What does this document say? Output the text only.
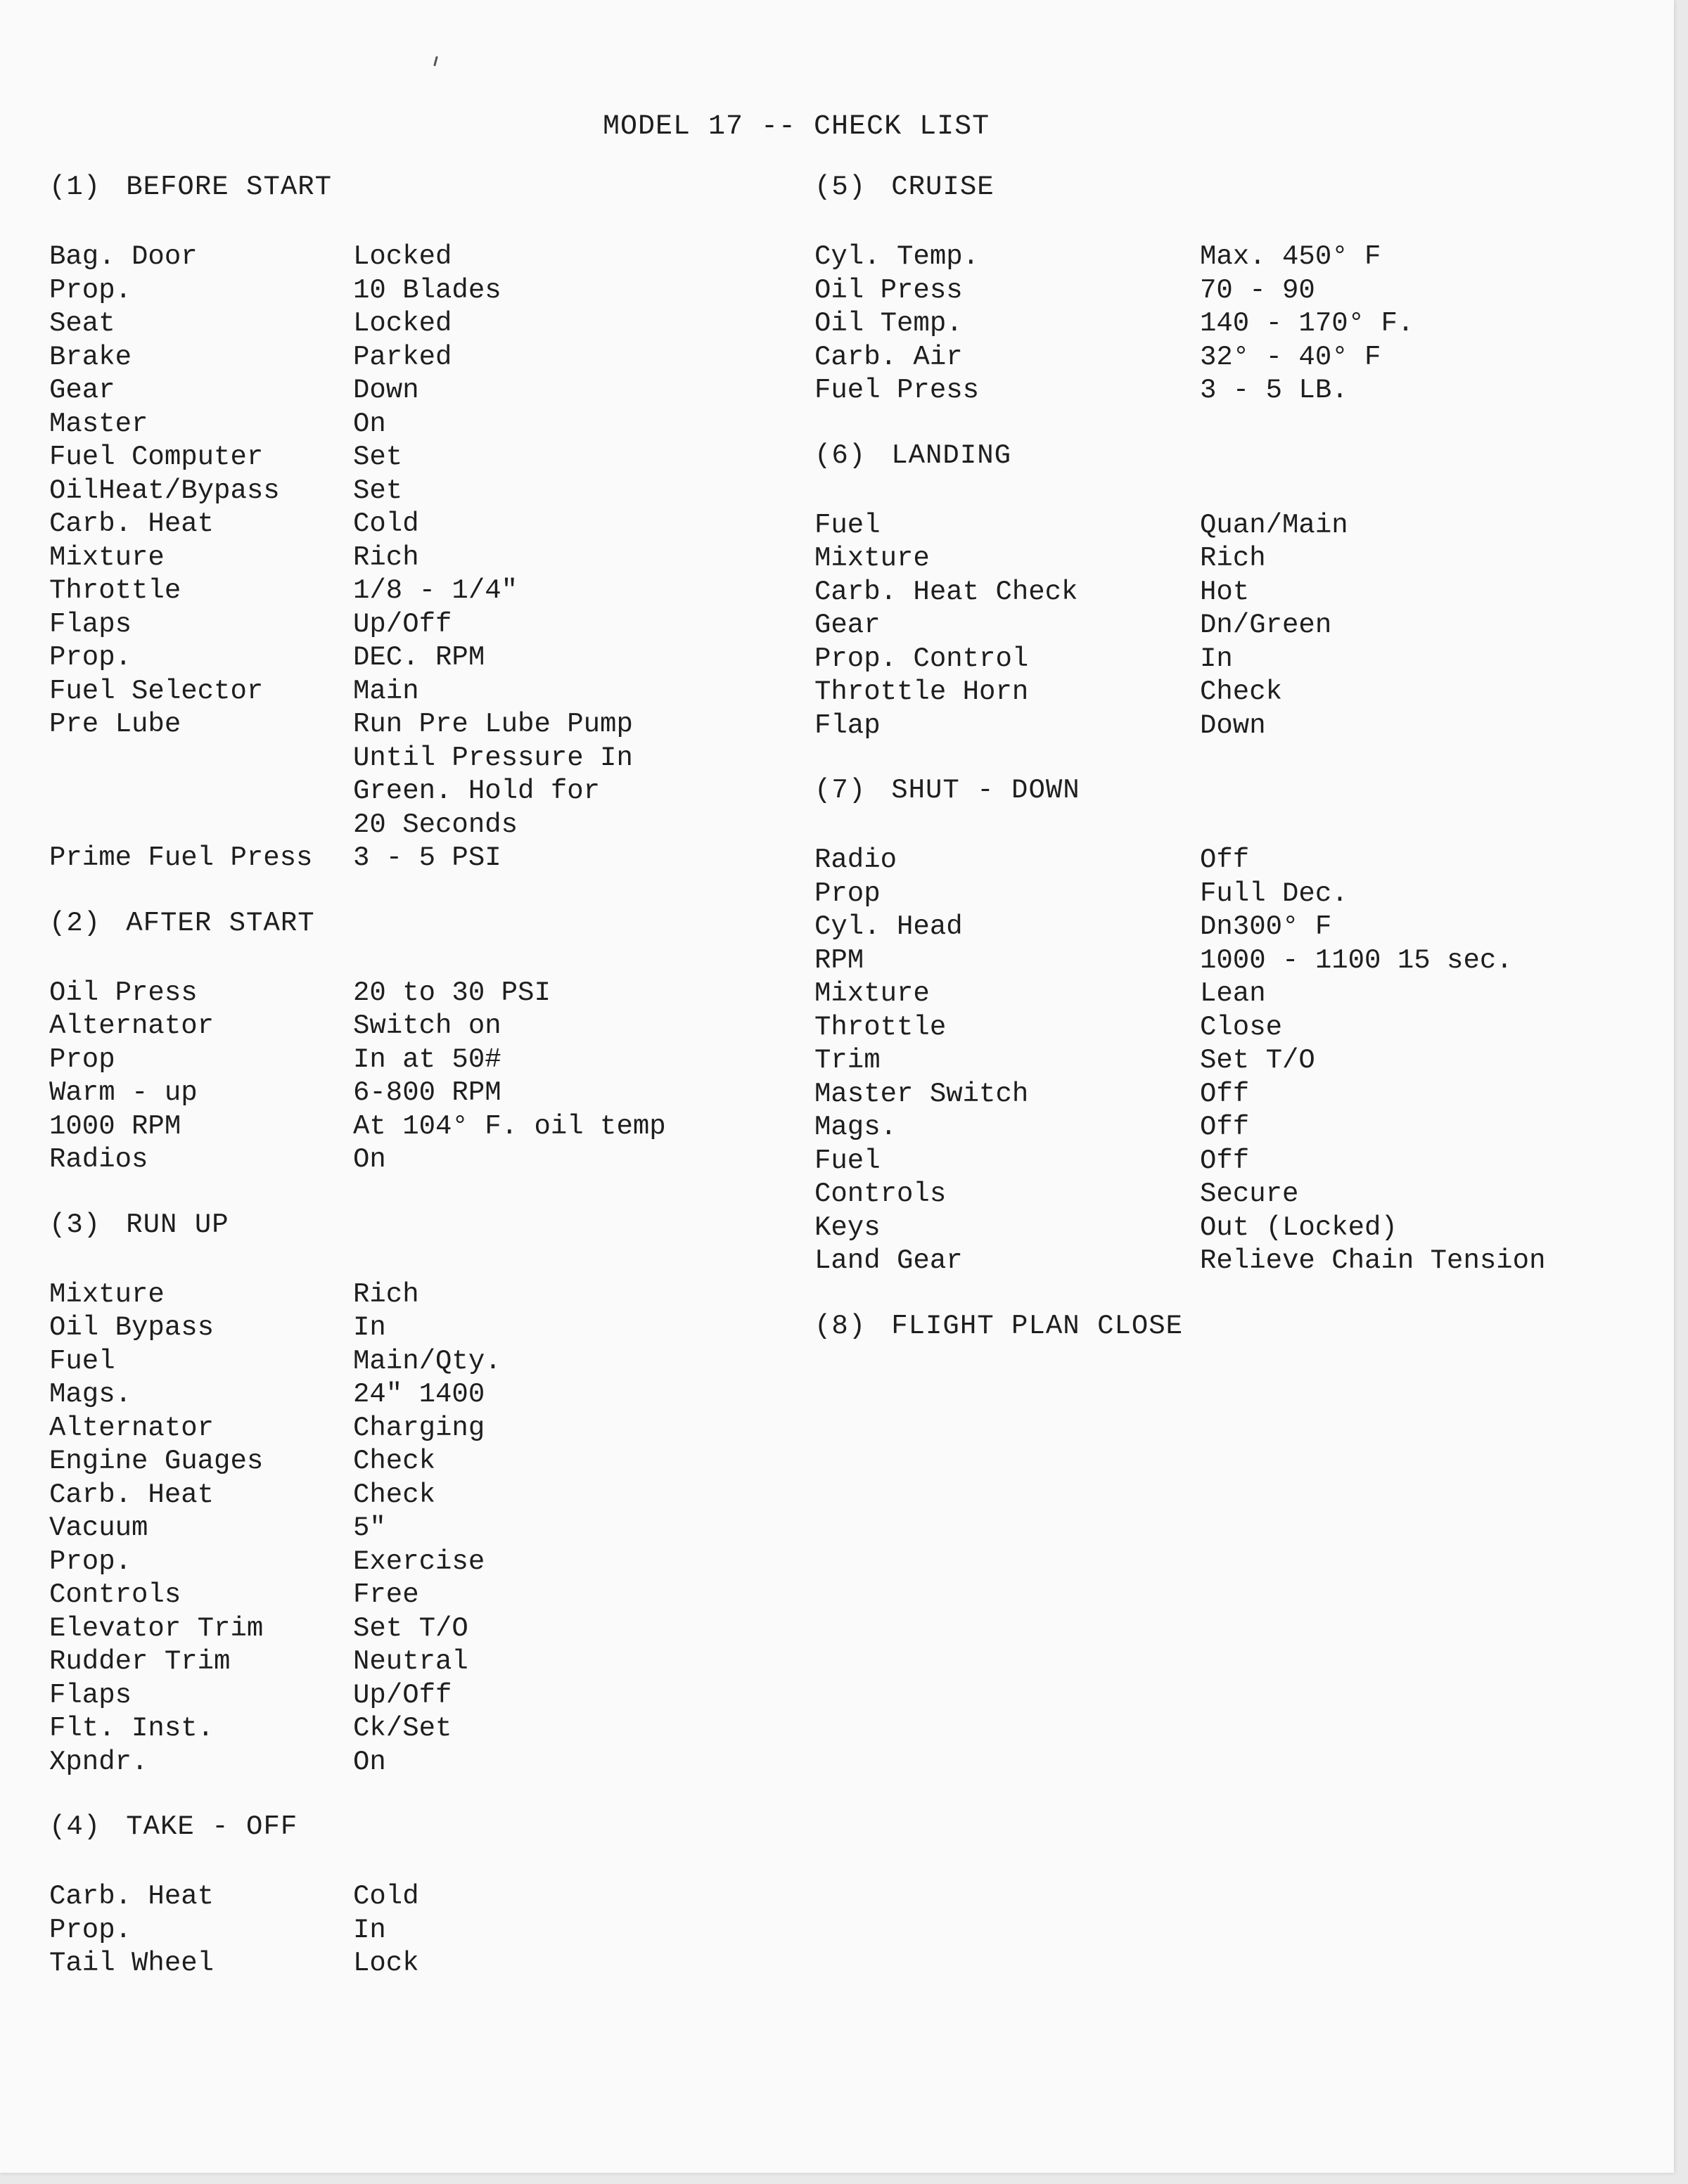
MODEL 17 -- CHECK LIST
(1) BEFORE START
Bag. Door	Locked
Prop.	10 Blades
Seat	Locked
Brake	Parked
Gear	Down
Master	On
Fuel Computer	Set
OilHeat/Bypass	Set
Carb. Heat	Cold
Mixture	Rich
Throttle	1/8 - 1/4"
Flaps	Up/Off
Prop.	DEC. RPM
Fuel Selector	Main
Pre Lube	Run Pre Lube Pump
Until Pressure In
Green. Hold for
20 Seconds
Prime Fuel Press	3 - 5 PSI
(2) AFTER START
Oil Press	20 to 30 PSI
Alternator	Switch on
Prop	In at 50#
Warm - up	6-800 RPM
1000 RPM	At 104° F. oil temp
Radios	On
(3) RUN UP
Mixture	Rich
Oil Bypass	In
Fuel	Main/Qty.
Mags.	24" 1400
Alternator	Charging
Engine Guages	Check
Carb. Heat	Check
Vacuum	5"
Prop.	Exercise
Controls	Free
Elevator Trim	Set T/O
Rudder Trim	Neutral
Flaps	Up/Off
Flt. Inst.	Ck/Set
Xpndr.	On
(4) TAKE - OFF
Carb. Heat	Cold
Prop.	In
Tail Wheel	Lock
(5) CRUISE
Cyl. Temp.	Max. 450° F
Oil Press	70 - 90
Oil Temp.	140 - 170° F.
Carb. Air	32° - 40° F
Fuel Press	3 - 5 LB.
(6) LANDING
Fuel	Quan/Main
Mixture	Rich
Carb. Heat Check	Hot
Gear	Dn/Green
Prop. Control	In
Throttle Horn	Check
Flap	Down
(7) SHUT - DOWN
Radio	Off
Prop	Full Dec.
Cyl. Head	Dn300° F
RPM	1000 - 1100 15 sec.
Mixture	Lean
Throttle	Close
Trim	Set T/O
Master Switch	Off
Mags.	Off
Fuel	Off
Controls	Secure
Keys	Out (Locked)
Land Gear	Relieve Chain Tension
(8) FLIGHT PLAN CLOSE
